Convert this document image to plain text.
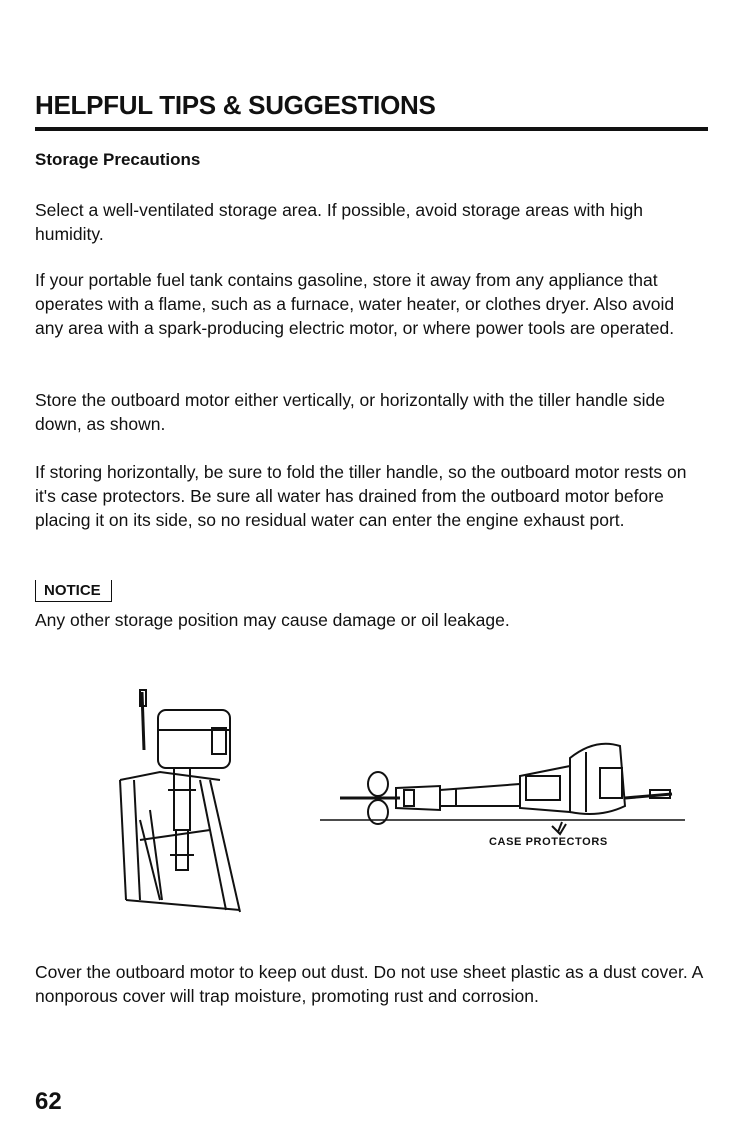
HELPFUL TIPS & SUGGESTIONS
Storage Precautions

Select a well-ventilated storage area. If possible, avoid storage areas with high humidity.

If your portable fuel tank contains gasoline, store it away from any appliance that operates with a flame, such as a furnace, water heater, or clothes dryer. Also avoid any area with a spark-producing electric motor, or where power tools are operated.

Store the outboard motor either vertically, or horizontally with the tiller handle side down, as shown.

If storing horizontally, be sure to fold the tiller handle, so the outboard motor rests on it's case protectors. Be sure all water has drained from the outboard motor before placing it on its side, so no residual water can enter the engine exhaust port.

NOTICE

Any other storage position may cause damage or oil leakage.

CASE PROTECTORS

Cover the outboard motor to keep out dust. Do not use sheet plastic as a dust cover. A nonporous cover will trap moisture, promoting rust and corrosion.

62
